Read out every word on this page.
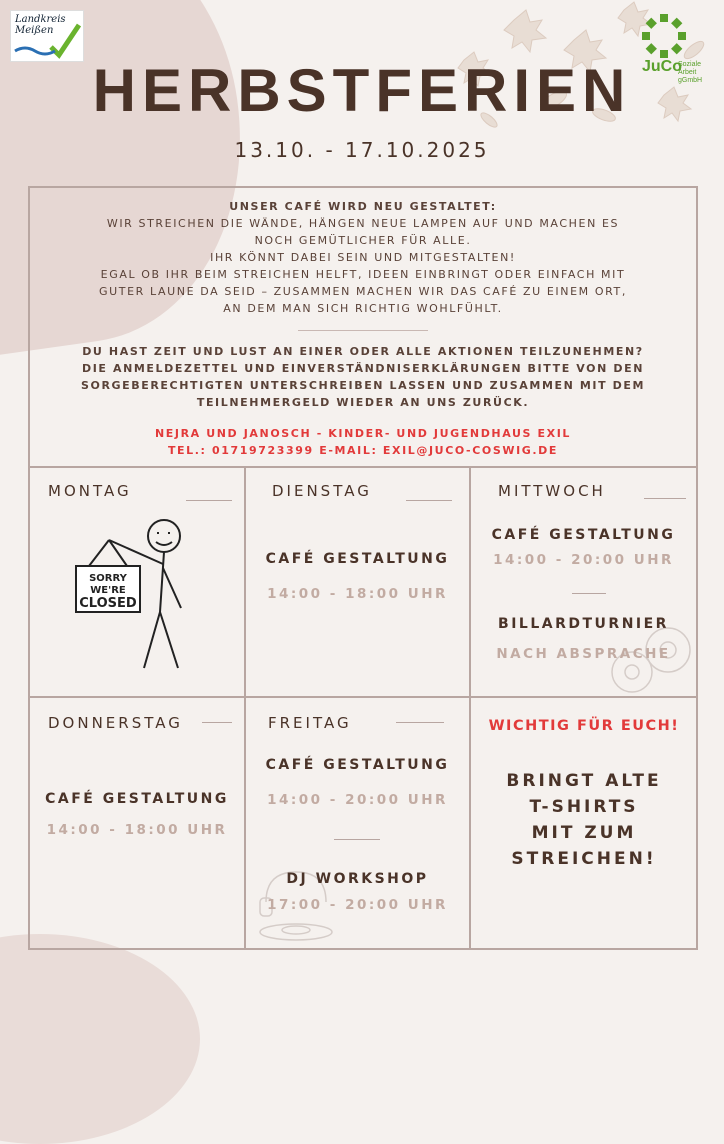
Landkreis
Meißen
JuCo
Soziale
Arbeit gGmbH
HERBSTFERIEN
13.10. - 17.10.2025
UNSER CAFÉ WIRD NEU GESTALTET:
WIR STREICHEN DIE WÄNDE, HÄNGEN NEUE LAMPEN AUF UND MACHEN ES
NOCH GEMÜTLICHER FÜR ALLE.
IHR KÖNNT DABEI SEIN UND MITGESTALTEN!
EGAL OB IHR BEIM STREICHEN HELFT, IDEEN EINBRINGT ODER EINFACH MIT
GUTER LAUNE DA SEID – ZUSAMMEN MACHEN WIR DAS CAFÉ ZU EINEM ORT,
AN DEM MAN SICH RICHTIG WOHLFÜHLT.
DU HAST ZEIT UND LUST AN EINER ODER ALLE AKTIONEN TEILZUNEHMEN?
DIE ANMELDEZETTEL UND EINVERSTÄNDNISERKLÄRUNGEN BITTE VON DEN
SORGEBERECHTIGTEN UNTERSCHREIBEN LASSEN UND ZUSAMMEN MIT DEM
TEILNEHMERGELD WIEDER AN UNS ZURÜCK.
NEJRA UND JANOSCH - KINDER- UND JUGENDHAUS EXIL
TEL.: 01719723399 E-MAIL: EXIL@JUCO-COSWIG.DE
MONTAG
SORRY
WE'RE
CLOSED
DIENSTAG
CAFÉ GESTALTUNG
14:00 - 18:00 UHR
MITTWOCH
CAFÉ GESTALTUNG
14:00 - 20:00 UHR
BILLARDTURNIER
NACH ABSPRACHE
DONNERSTAG
CAFÉ GESTALTUNG
14:00 - 18:00 UHR
FREITAG
CAFÉ GESTALTUNG
14:00 - 20:00 UHR
DJ WORKSHOP
17:00 - 20:00 UHR
WICHTIG FÜR EUCH!
BRINGT ALTE
T-SHIRTS
MIT ZUM
STREICHEN!
